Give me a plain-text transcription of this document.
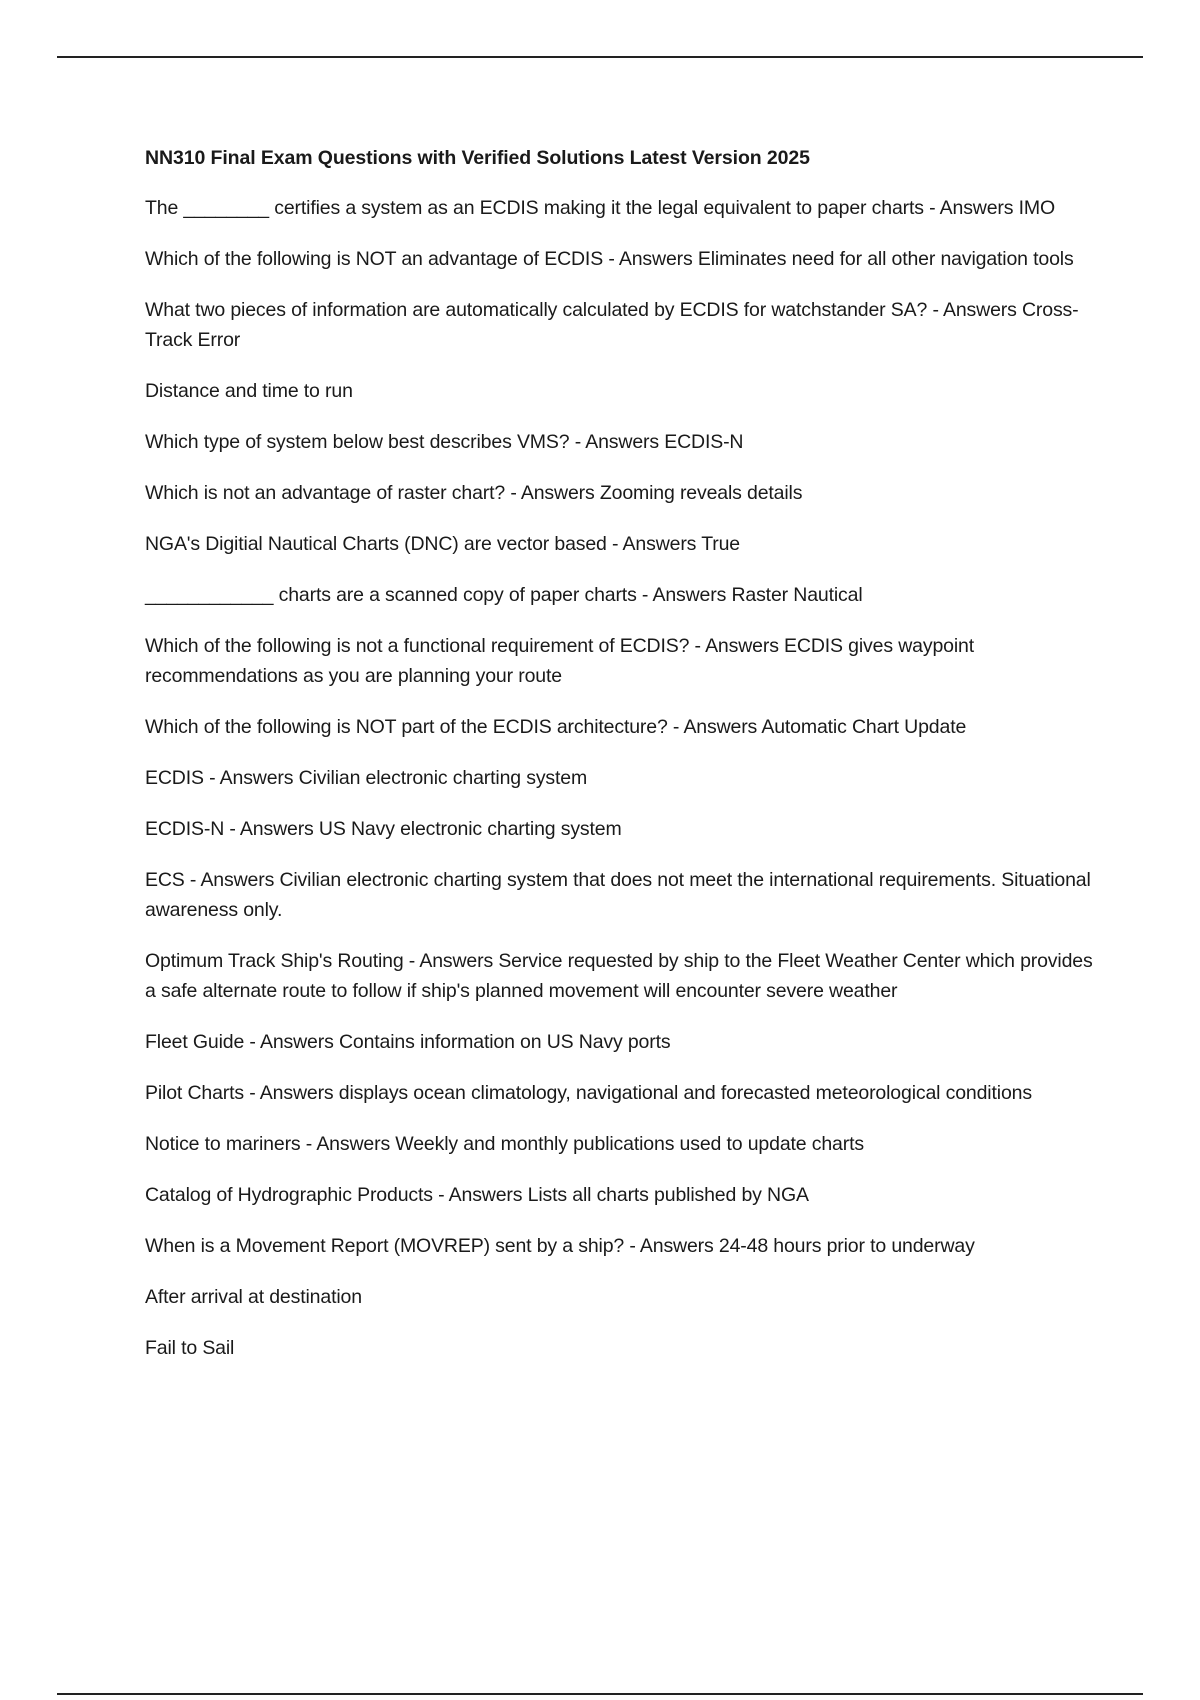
NN310 Final Exam Questions with Verified Solutions Latest Version 2025
The ________ certifies a system as an ECDIS making it the legal equivalent to paper charts - Answers IMO
Which of the following is NOT an advantage of ECDIS - Answers Eliminates need for all other navigation tools
What two pieces of information are automatically calculated by ECDIS for watchstander SA? - Answers Cross-Track Error
Distance and time to run
Which type of system below best describes VMS? - Answers ECDIS-N
Which is not an advantage of raster chart? - Answers Zooming reveals details
NGA's Digitial Nautical Charts (DNC) are vector based - Answers True
____________ charts are a scanned copy of paper charts - Answers Raster Nautical
Which of the following is not a functional requirement of ECDIS? - Answers ECDIS gives waypoint recommendations as you are planning your route
Which of the following is NOT part of the ECDIS architecture? - Answers Automatic Chart Update
ECDIS - Answers Civilian electronic charting system
ECDIS-N - Answers US Navy electronic charting system
ECS - Answers Civilian electronic charting system that does not meet the international requirements. Situational awareness only.
Optimum Track Ship's Routing - Answers Service requested by ship to the Fleet Weather Center which provides a safe alternate route to follow if ship's planned movement will encounter severe weather
Fleet Guide - Answers Contains information on US Navy ports
Pilot Charts - Answers displays ocean climatology, navigational and forecasted meteorological conditions
Notice to mariners - Answers Weekly and monthly publications used to update charts
Catalog of Hydrographic Products - Answers Lists all charts published by NGA
When is a Movement Report (MOVREP) sent by a ship? - Answers 24-48 hours prior to underway
After arrival at destination
Fail to Sail
